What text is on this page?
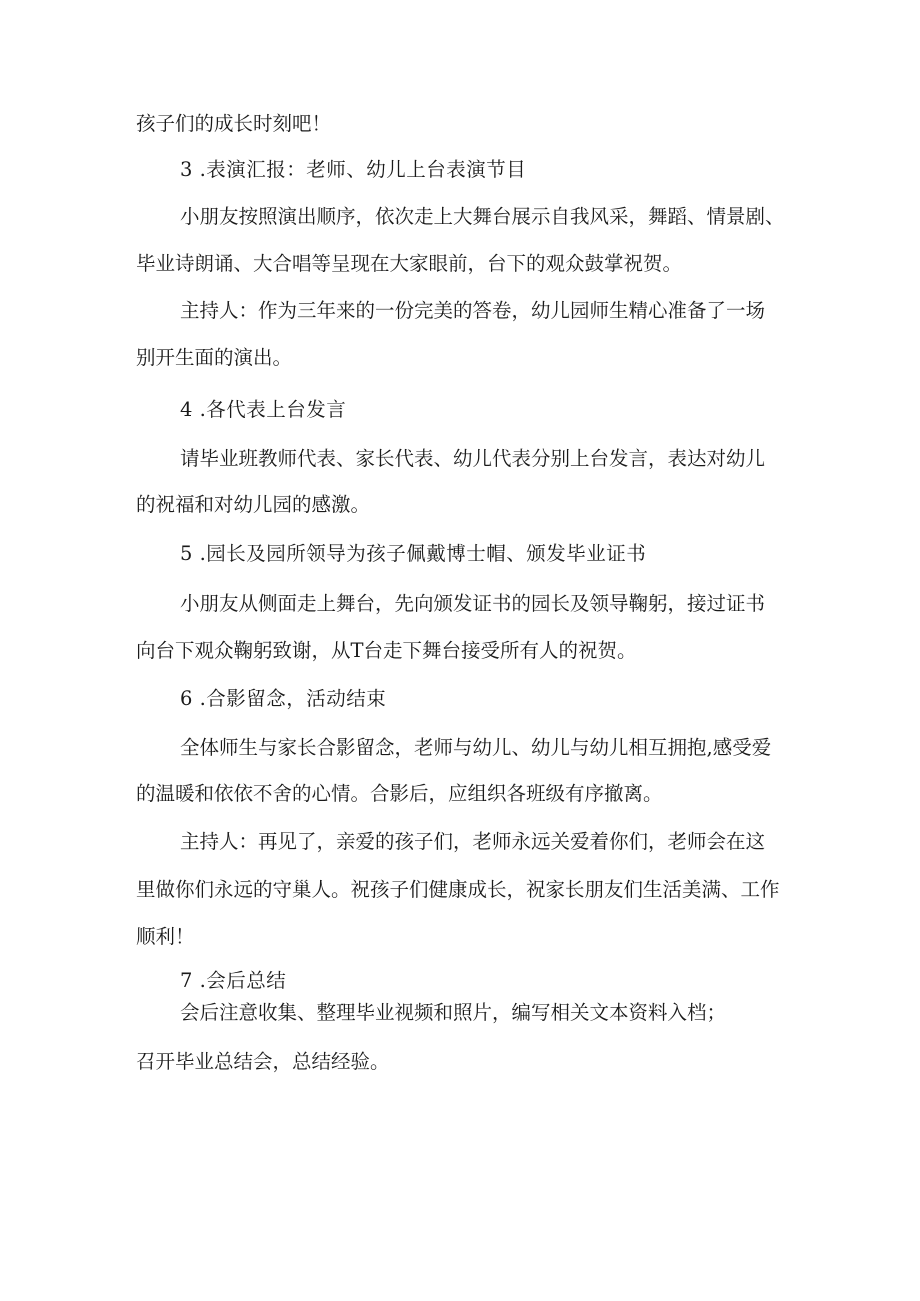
孩子们的成长时刻吧！
3 .表演汇报：老师、幼儿上台表演节目
小朋友按照演出顺序，依次走上大舞台展示自我风采，舞蹈、情景剧、
毕业诗朗诵、大合唱等呈现在大家眼前，台下的观众鼓掌祝贺。
主持人：作为三年来的一份完美的答卷，幼儿园师生精心准备了一场
别开生面的演出。
4 .各代表上台发言
请毕业班教师代表、家长代表、幼儿代表分别上台发言，表达对幼儿
的祝福和对幼儿园的感激。
5 .园长及园所领导为孩子佩戴博士帽、颁发毕业证书
小朋友从侧面走上舞台，先向颁发证书的园长及领导鞠躬，接过证书
向台下观众鞠躬致谢，从T台走下舞台接受所有人的祝贺。
6 .合影留念，活动结束
全体师生与家长合影留念，老师与幼儿、幼儿与幼儿相互拥抱,感受爱
的温暖和依依不舍的心情。合影后，应组织各班级有序撤离。
主持人：再见了，亲爱的孩子们，老师永远关爱着你们，老师会在这
里做你们永远的守巢人。祝孩子们健康成长，祝家长朋友们生活美满、工作
顺利！
7 .会后总结
会后注意收集、整理毕业视频和照片，编写相关文本资料入档；
召开毕业总结会，总结经验。
